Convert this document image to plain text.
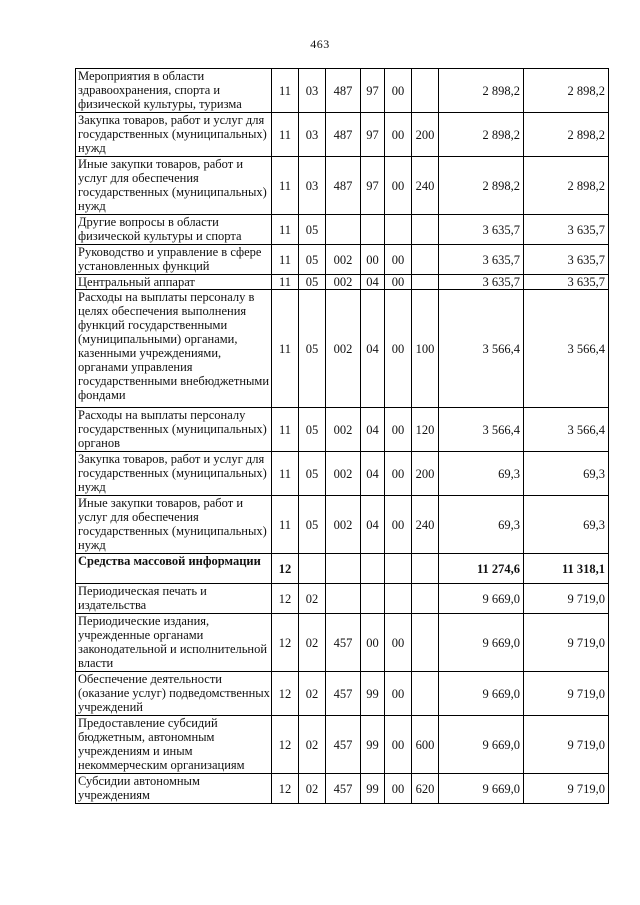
463
Мероприятия в области здравоохранения, спорта и физической культуры, туризма	11	03	487	97	00		2 898,2	2 898,2
Закупка товаров, работ и услуг для государственных (муниципальных) нужд	11	03	487	97	00	200	2 898,2	2 898,2
Иные закупки товаров, работ и услуг для обеспечения государственных (муниципальных) нужд	11	03	487	97	00	240	2 898,2	2 898,2
Другие вопросы в области физической культуры и спорта	11	05					3 635,7	3 635,7
Руководство и управление в сфере установленных функций	11	05	002	00	00		3 635,7	3 635,7
Центральный аппарат	11	05	002	04	00		3 635,7	3 635,7
Расходы на выплаты персоналу в целях обеспечения выполнения функций государственными (муниципальными) органами, казенными учреждениями, органами управления государственными внебюджетными фондами	11	05	002	04	00	100	3 566,4	3 566,4
Расходы на выплаты персоналу государственных (муниципальных) органов	11	05	002	04	00	120	3 566,4	3 566,4
Закупка товаров, работ и услуг для государственных (муниципальных) нужд	11	05	002	04	00	200	69,3	69,3
Иные закупки товаров, работ и услуг для обеспечения государственных (муниципальных) нужд	11	05	002	04	00	240	69,3	69,3
Средства массовой информации	12						11 274,6	11 318,1
Периодическая печать и издательства	12	02					9 669,0	9 719,0
Периодические издания, учрежденные органами законодательной и исполнительной власти	12	02	457	00	00		9 669,0	9 719,0
Обеспечение деятельности (оказание услуг) подведомственных учреждений	12	02	457	99	00		9 669,0	9 719,0
Предоставление субсидий бюджетным, автономным учреждениям и иным некоммерческим организациям	12	02	457	99	00	600	9 669,0	9 719,0
Субсидии автономным учреждениям	12	02	457	99	00	620	9 669,0	9 719,0
